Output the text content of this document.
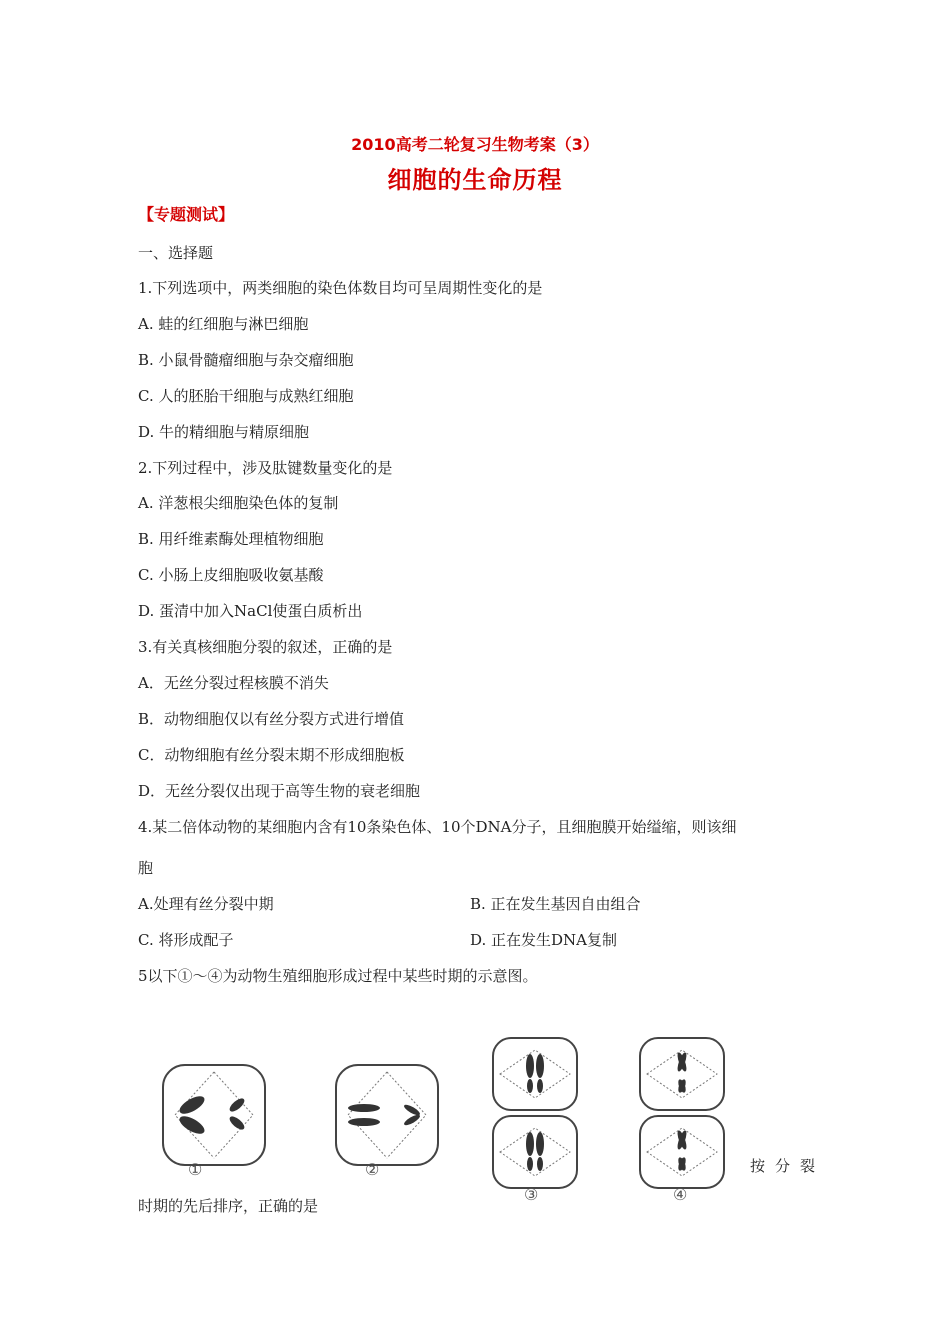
2010高考二轮复习生物考案（3）
细胞的生命历程
【专题测试】
一、选择题
1.下列选项中，两类细胞的染色体数目均可呈周期性变化的是
A. 蛙的红细胞与淋巴细胞
B. 小鼠骨髓瘤细胞与杂交瘤细胞
C. 人的胚胎干细胞与成熟红细胞
D. 牛的精细胞与精原细胞
2.下列过程中，涉及肽键数量变化的是
A. 洋葱根尖细胞染色体的复制
B. 用纤维素酶处理植物细胞
C. 小肠上皮细胞吸收氨基酸
D. 蛋清中加入NaCl使蛋白质析出
3.有关真核细胞分裂的叙述，正确的是
A．无丝分裂过程核膜不消失
B．动物细胞仅以有丝分裂方式进行增值
C．动物细胞有丝分裂末期不形成细胞板
D．无丝分裂仅出现于高等生物的衰老细胞
4.某二倍体动物的某细胞内含有10条染色体、10个DNA分子，且细胞膜开始缢缩，则该细
胞
A.处理有丝分裂中期	B. 正在发生基因自由组合
C. 将形成配子	D. 正在发生DNA复制
5以下①～④为动物生殖细胞形成过程中某些时期的示意图。
①	②
③	④
按分裂
时期的先后排序，正确的是
